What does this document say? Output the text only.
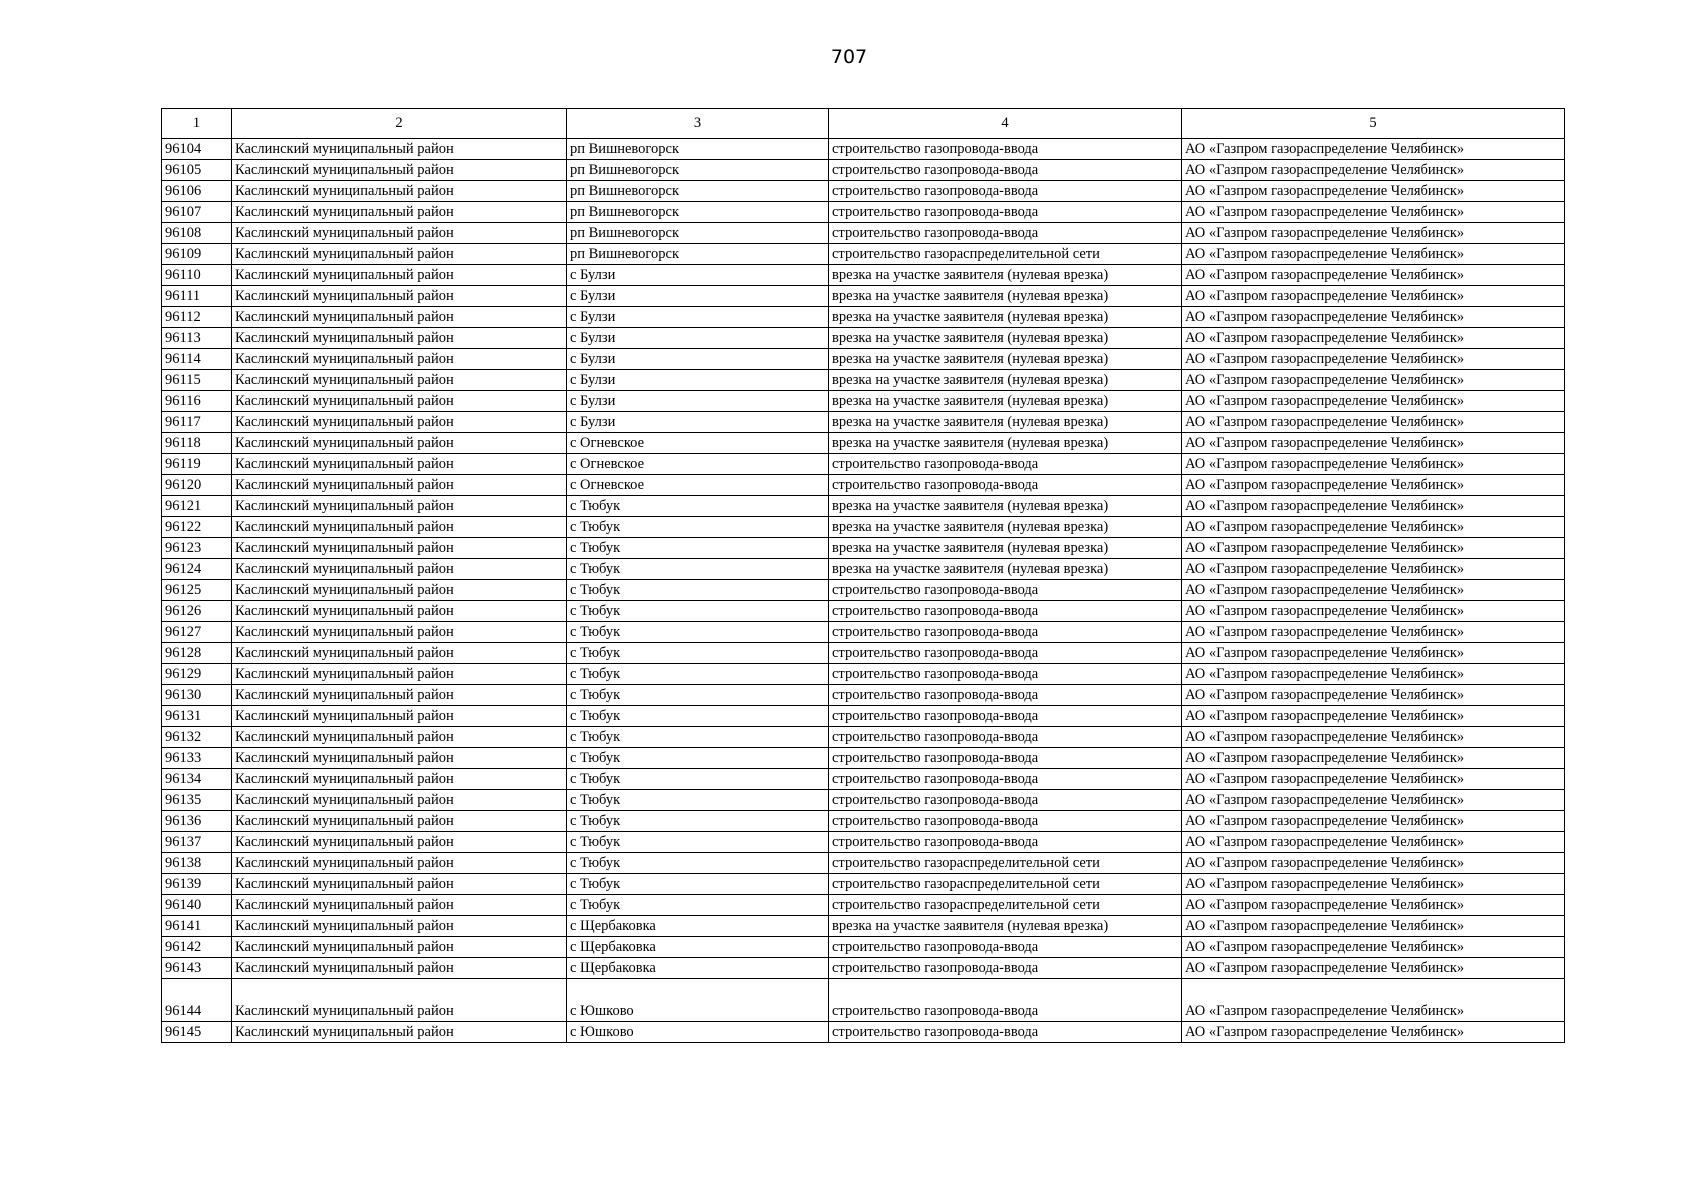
707
1	2	3	4	5
96104	Каслинский муниципальный район	рп Вишневогорск	строительство газопровода-ввода	АО «Газпром газораспределение Челябинск»
96105	Каслинский муниципальный район	рп Вишневогорск	строительство газопровода-ввода	АО «Газпром газораспределение Челябинск»
96106	Каслинский муниципальный район	рп Вишневогорск	строительство газопровода-ввода	АО «Газпром газораспределение Челябинск»
96107	Каслинский муниципальный район	рп Вишневогорск	строительство газопровода-ввода	АО «Газпром газораспределение Челябинск»
96108	Каслинский муниципальный район	рп Вишневогорск	строительство газопровода-ввода	АО «Газпром газораспределение Челябинск»
96109	Каслинский муниципальный район	рп Вишневогорск	строительство газораспределительной сети	АО «Газпром газораспределение Челябинск»
96110	Каслинский муниципальный район	с Булзи	врезка на участке заявителя (нулевая врезка)	АО «Газпром газораспределение Челябинск»
96111	Каслинский муниципальный район	с Булзи	врезка на участке заявителя (нулевая врезка)	АО «Газпром газораспределение Челябинск»
96112	Каслинский муниципальный район	с Булзи	врезка на участке заявителя (нулевая врезка)	АО «Газпром газораспределение Челябинск»
96113	Каслинский муниципальный район	с Булзи	врезка на участке заявителя (нулевая врезка)	АО «Газпром газораспределение Челябинск»
96114	Каслинский муниципальный район	с Булзи	врезка на участке заявителя (нулевая врезка)	АО «Газпром газораспределение Челябинск»
96115	Каслинский муниципальный район	с Булзи	врезка на участке заявителя (нулевая врезка)	АО «Газпром газораспределение Челябинск»
96116	Каслинский муниципальный район	с Булзи	врезка на участке заявителя (нулевая врезка)	АО «Газпром газораспределение Челябинск»
96117	Каслинский муниципальный район	с Булзи	врезка на участке заявителя (нулевая врезка)	АО «Газпром газораспределение Челябинск»
96118	Каслинский муниципальный район	с Огневское	врезка на участке заявителя (нулевая врезка)	АО «Газпром газораспределение Челябинск»
96119	Каслинский муниципальный район	с Огневское	строительство газопровода-ввода	АО «Газпром газораспределение Челябинск»
96120	Каслинский муниципальный район	с Огневское	строительство газопровода-ввода	АО «Газпром газораспределение Челябинск»
96121	Каслинский муниципальный район	с Тюбук	врезка на участке заявителя (нулевая врезка)	АО «Газпром газораспределение Челябинск»
96122	Каслинский муниципальный район	с Тюбук	врезка на участке заявителя (нулевая врезка)	АО «Газпром газораспределение Челябинск»
96123	Каслинский муниципальный район	с Тюбук	врезка на участке заявителя (нулевая врезка)	АО «Газпром газораспределение Челябинск»
96124	Каслинский муниципальный район	с Тюбук	врезка на участке заявителя (нулевая врезка)	АО «Газпром газораспределение Челябинск»
96125	Каслинский муниципальный район	с Тюбук	строительство газопровода-ввода	АО «Газпром газораспределение Челябинск»
96126	Каслинский муниципальный район	с Тюбук	строительство газопровода-ввода	АО «Газпром газораспределение Челябинск»
96127	Каслинский муниципальный район	с Тюбук	строительство газопровода-ввода	АО «Газпром газораспределение Челябинск»
96128	Каслинский муниципальный район	с Тюбук	строительство газопровода-ввода	АО «Газпром газораспределение Челябинск»
96129	Каслинский муниципальный район	с Тюбук	строительство газопровода-ввода	АО «Газпром газораспределение Челябинск»
96130	Каслинский муниципальный район	с Тюбук	строительство газопровода-ввода	АО «Газпром газораспределение Челябинск»
96131	Каслинский муниципальный район	с Тюбук	строительство газопровода-ввода	АО «Газпром газораспределение Челябинск»
96132	Каслинский муниципальный район	с Тюбук	строительство газопровода-ввода	АО «Газпром газораспределение Челябинск»
96133	Каслинский муниципальный район	с Тюбук	строительство газопровода-ввода	АО «Газпром газораспределение Челябинск»
96134	Каслинский муниципальный район	с Тюбук	строительство газопровода-ввода	АО «Газпром газораспределение Челябинск»
96135	Каслинский муниципальный район	с Тюбук	строительство газопровода-ввода	АО «Газпром газораспределение Челябинск»
96136	Каслинский муниципальный район	с Тюбук	строительство газопровода-ввода	АО «Газпром газораспределение Челябинск»
96137	Каслинский муниципальный район	с Тюбук	строительство газопровода-ввода	АО «Газпром газораспределение Челябинск»
96138	Каслинский муниципальный район	с Тюбук	строительство газораспределительной сети	АО «Газпром газораспределение Челябинск»
96139	Каслинский муниципальный район	с Тюбук	строительство газораспределительной сети	АО «Газпром газораспределение Челябинск»
96140	Каслинский муниципальный район	с Тюбук	строительство газораспределительной сети	АО «Газпром газораспределение Челябинск»
96141	Каслинский муниципальный район	с Щербаковка	врезка на участке заявителя (нулевая врезка)	АО «Газпром газораспределение Челябинск»
96142	Каслинский муниципальный район	с Щербаковка	строительство газопровода-ввода	АО «Газпром газораспределение Челябинск»
96143	Каслинский муниципальный район	с Щербаковка	строительство газопровода-ввода	АО «Газпром газораспределение Челябинск»
96144	Каслинский муниципальный район	с Юшково	строительство газопровода-ввода	АО «Газпром газораспределение Челябинск»
96145	Каслинский муниципальный район	с Юшково	строительство газопровода-ввода	АО «Газпром газораспределение Челябинск»
